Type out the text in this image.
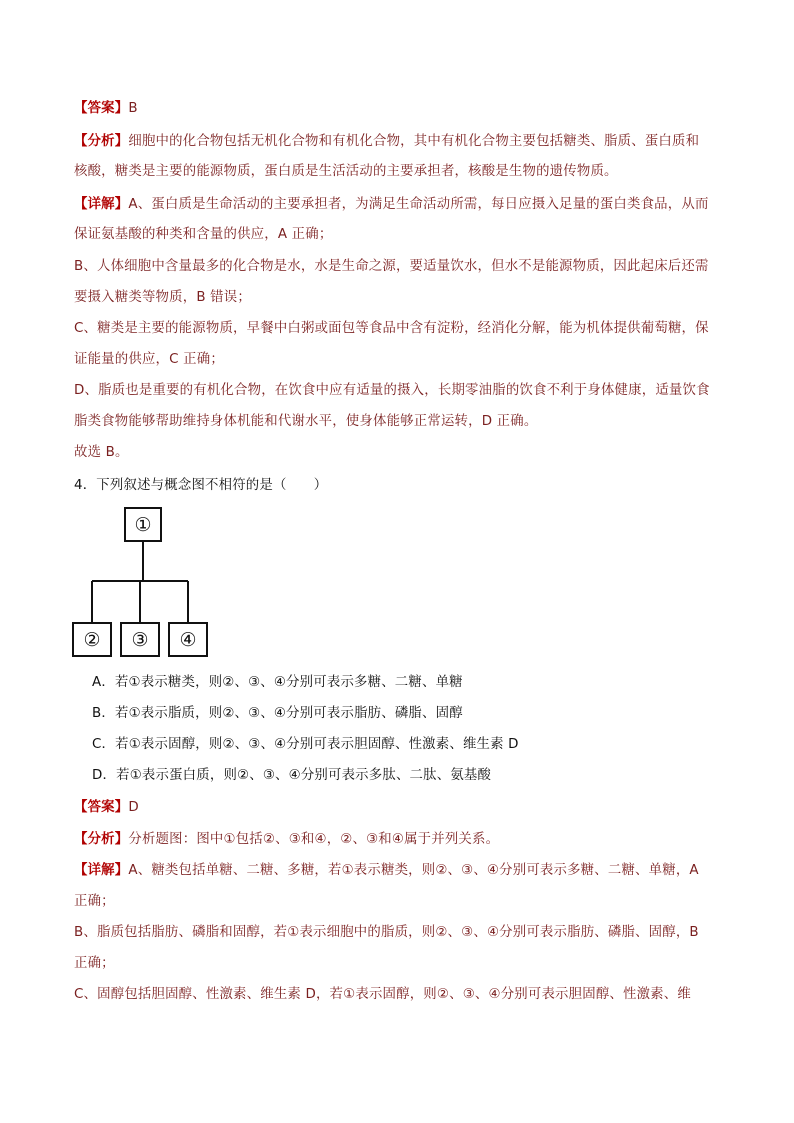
【答案】B

【分析】细胞中的化合物包括无机化合物和有机化合物，其中有机化合物主要包括糖类、脂质、蛋白质和

核酸，糖类是主要的能源物质，蛋白质是生活活动的主要承担者，核酸是生物的遗传物质。

【详解】A、蛋白质是生命活动的主要承担者，为满足生命活动所需，每日应摄入足量的蛋白类食品，从而

保证氨基酸的种类和含量的供应，A 正确；

B、人体细胞中含量最多的化合物是水，水是生命之源，要适量饮水，但水不是能源物质，因此起床后还需

要摄入糖类等物质，B 错误；

C、糖类是主要的能源物质，早餐中白粥或面包等食品中含有淀粉，经消化分解，能为机体提供葡萄糖，保

证能量的供应，C 正确；

D、脂质也是重要的有机化合物，在饮食中应有适量的摄入，长期零油脂的饮食不利于身体健康，适量饮食

脂类食物能够帮助维持身体机能和代谢水平，使身体能够正常运转，D 正确。

故选 B。

4．下列叙述与概念图不相符的是（　　）

①
② ③ ④

A．若①表示糖类，则②、③、④分别可表示多糖、二糖、单糖

B．若①表示脂质，则②、③、④分别可表示脂肪、磷脂、固醇

C．若①表示固醇，则②、③、④分别可表示胆固醇、性激素、维生素 D

D．若①表示蛋白质，则②、③、④分别可表示多肽、二肽、氨基酸

【答案】D

【分析】分析题图：图中①包括②、③和④，②、③和④属于并列关系。

【详解】A、糖类包括单糖、二糖、多糖，若①表示糖类，则②、③、④分别可表示多糖、二糖、单糖，A

正确；

B、脂质包括脂肪、磷脂和固醇，若①表示细胞中的脂质，则②、③、④分别可表示脂肪、磷脂、固醇，B

正确；

C、固醇包括胆固醇、性激素、维生素 D，若①表示固醇，则②、③、④分别可表示胆固醇、性激素、维
